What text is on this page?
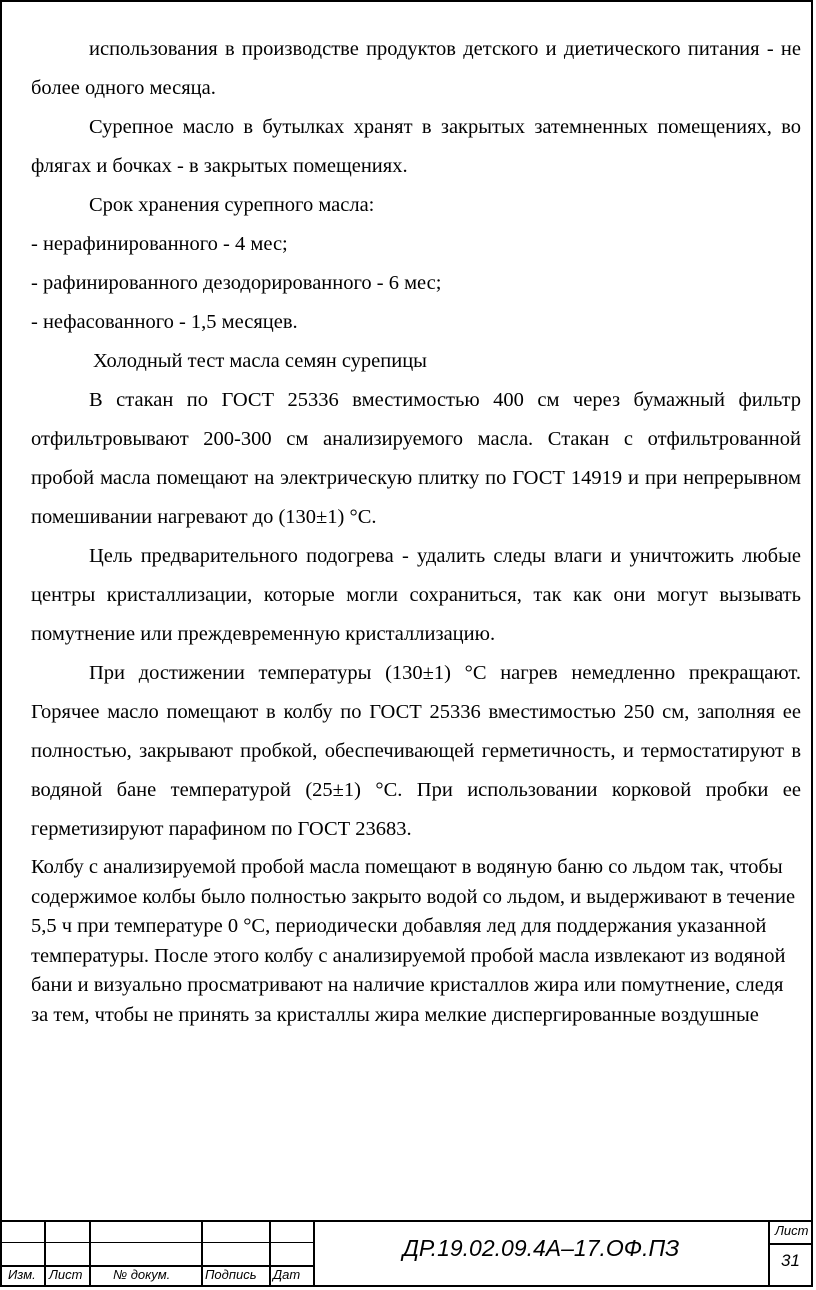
использования в производстве продуктов детского и диетического питания - не более одного месяца.

Сурепное масло в бутылках хранят в закрытых затемненных помещениях, во флягах и бочках - в закрытых помещениях.

Срок хранения сурепного масла:

- нерафинированного - 4 мес;

- рафинированного дезодорированного - 6 мес;

- нефасованного - 1,5 месяцев.

Холодный тест масла семян сурепицы

В стакан по ГОСТ 25336 вместимостью 400 см через бумажный фильтр отфильтровывают 200-300 см анализируемого масла. Стакан с отфильтрованной пробой масла помещают на электрическую плитку по ГОСТ 14919 и при непрерывном помешивании нагревают до (130±1) °С.

Цель предварительного подогрева - удалить следы влаги и уничтожить любые центры кристаллизации, которые могли сохраниться, так как они могут вызывать помутнение или преждевременную кристаллизацию.

При достижении температуры (130±1) °С нагрев немедленно прекращают. Горячее масло помещают в колбу по ГОСТ 25336 вместимостью 250 см, заполняя ее полностью, закрывают пробкой, обеспечивающей герметичность, и термостатируют в водяной бане температурой (25±1) °С. При использовании корковой пробки ее герметизируют парафином по ГОСТ 23683.

Колбу с анализируемой пробой масла помещают в водяную баню со льдом так, чтобы содержимое колбы было полностью закрыто водой со льдом, и выдерживают в течение 5,5 ч при температуре 0 °С, периодически добавляя лед для поддержания указанной температуры. После этого колбу с анализируемой пробой масла извлекают из водяной бани и визуально просматривают на наличие кристаллов жира или помутнение, следя за тем, чтобы не принять за кристаллы жира мелкие диспергированные воздушные

Изм. Лист № докум.	Подпись Дат
ДР.19.02.09.4А–17.ОФ.ПЗ
Лист
31
